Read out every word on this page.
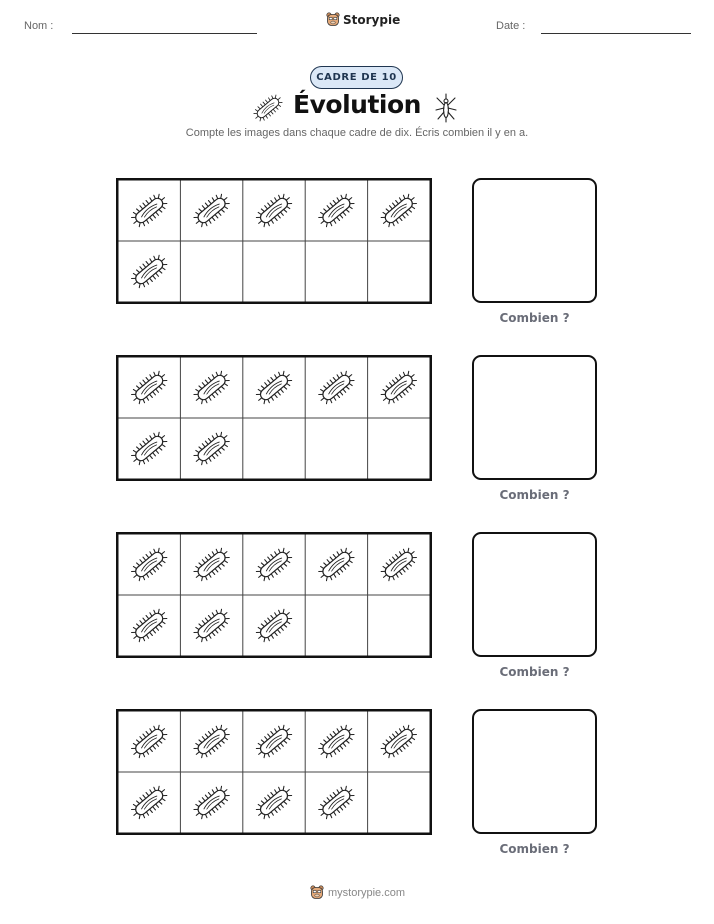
Nom :	Storypie	Date :
CADRE DE 10
Évolution
Compte les images dans chaque cadre de dix. Écris combien il y en a.
Combien ?
Combien ?
Combien ?
Combien ?
mystorypie.com
